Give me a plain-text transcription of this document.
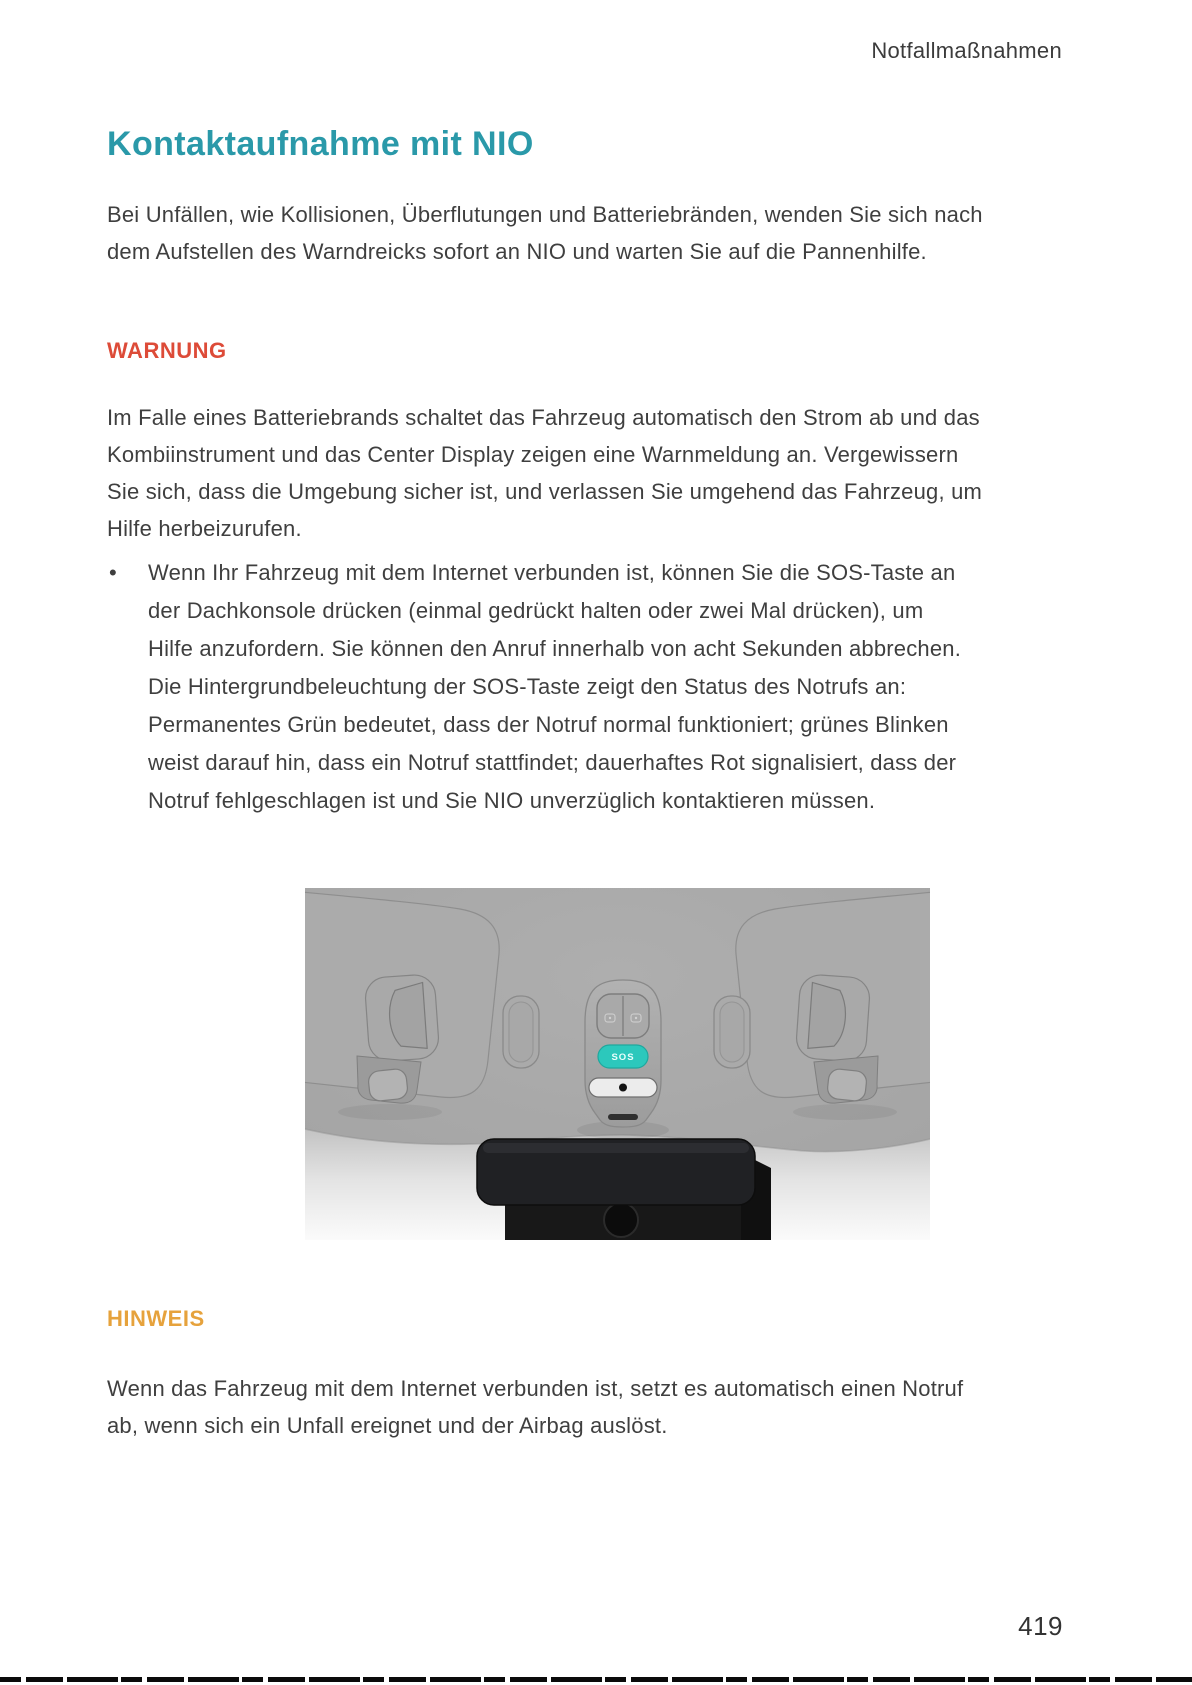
Notfallmaßnahmen
Kontaktaufnahme mit NIO

Bei Unfällen, wie Kollisionen, Überflutungen und Batteriebränden, wenden Sie sich nach dem Aufstellen des Warndreicks sofort an NIO und warten Sie auf die Pannenhilfe.

WARNUNG

Im Falle eines Batteriebrands schaltet das Fahrzeug automatisch den Strom ab und das Kombiinstrument und das Center Display zeigen eine Warnmeldung an. Vergewissern Sie sich, dass die Umgebung sicher ist, und verlassen Sie umgehend das Fahrzeug, um Hilfe herbeizurufen.

• Wenn Ihr Fahrzeug mit dem Internet verbunden ist, können Sie die SOS-Taste an der Dachkonsole drücken (einmal gedrückt halten oder zwei Mal drücken), um Hilfe anzufordern. Sie können den Anruf innerhalb von acht Sekunden abbrechen. Die Hintergrundbeleuchtung der SOS-Taste zeigt den Status des Notrufs an: Permanentes Grün bedeutet, dass der Notruf normal funktioniert; grünes Blinken weist darauf hin, dass ein Notruf stattfindet; dauerhaftes Rot signalisiert, dass der Notruf fehlgeschlagen ist und Sie NIO unverzüglich kontaktieren müssen.
SOS
HINWEIS

Wenn das Fahrzeug mit dem Internet verbunden ist, setzt es automatisch einen Notruf ab, wenn sich ein Unfall ereignet und der Airbag auslöst.

419
